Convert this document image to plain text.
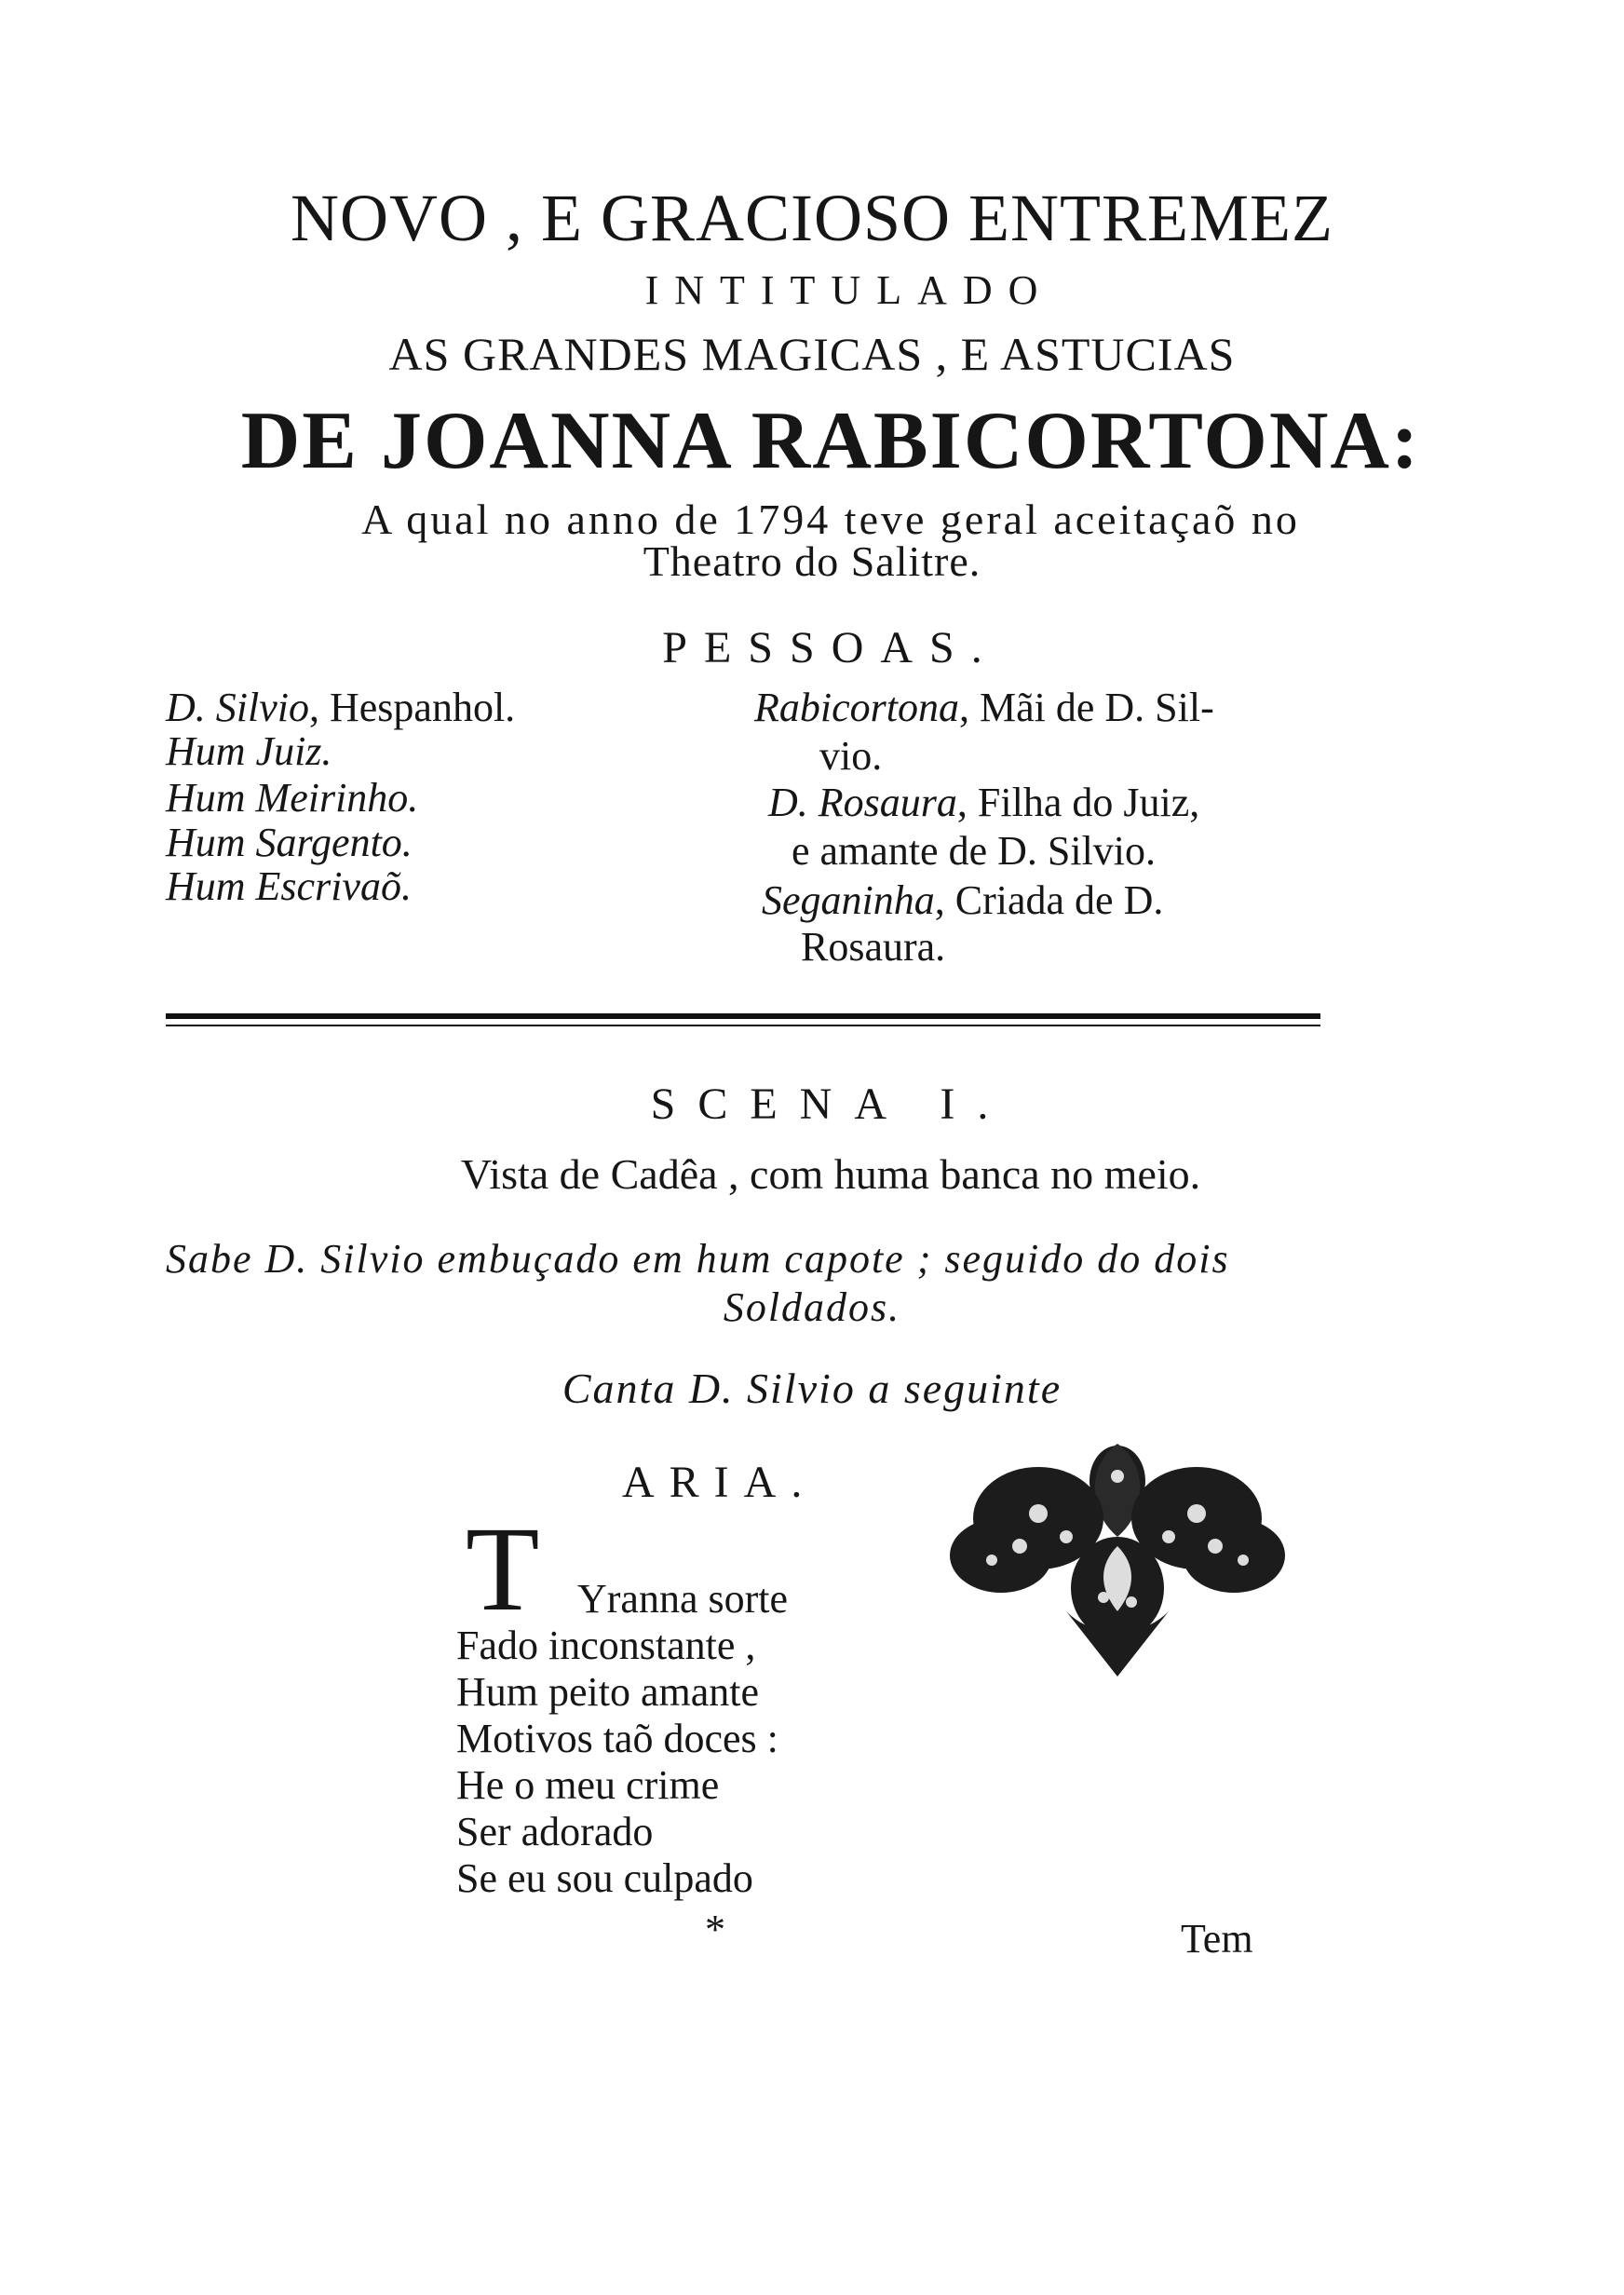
NOVO , E GRACIOSO ENTREMEZ
INTITULADO
AS GRANDES MAGICAS , E ASTUCIAS
DE JOANNA RABICORTONA:
A qual no anno de 1794 teve geral aceitaçaõ no
Theatro do Salitre.
PESSOAS.
D. Silvio, Hespanhol.
Hum Juiz.
Hum Meirinho.
Hum Sargento.
Hum Escrivaõ.
Rabicortona, Mãi de D. Sil-
vio.
D. Rosaura, Filha do Juiz,
e amante de D. Silvio.
Seganinha, Criada de D.
Rosaura.
SCENA I.
Vista de Cadêa , com huma banca no meio.
Sabe D. Silvio embuçado em hum capote ; seguido do dois
Soldados.
Canta D. Silvio a seguinte
ARIA.
T Yranna sorte
Fado inconstante ,
Hum peito amante
Motivos taõ doces :
He o meu crime
Ser adorado
Se eu sou culpado
*	Tem
